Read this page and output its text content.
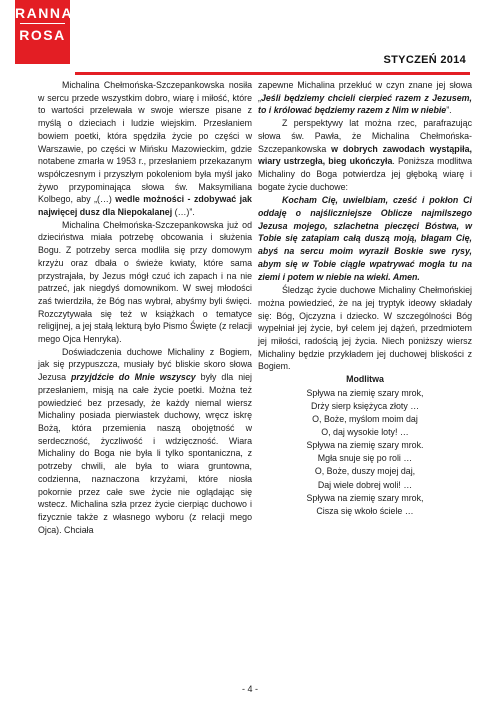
RANNA
ROSA
STYCZEŃ 2014

Michalina Chełmońska-Szczepankowska nosiła w sercu przede wszystkim dobro, wiarę i miłość, które to wartości przelewała w swoje wiersze pisane z myślą o dzieciach i ludzie wiejskim. Przesłaniem bowiem poetki, która spędziła życie po części w Warszawie, po części w Mińsku Mazowieckim, gdzie notabene zmarła w 1953 r., przesłaniem przekazanym współczesnym i przyszłym pokoleniom była myśl jako żywo przypominająca słowa św. Maksymiliana Kolbego, aby „(…) wedle możności - zdobywać jak najwięcej dusz dla Niepokalanej (…)”.

Michalina Chełmońska-Szczepankowska już od dzieciństwa miała potrzebę obcowania i służenia Bogu. Z potrzeby serca modliła się przy domowym krzyżu oraz dbała o świeże kwiaty, które sama przystrajała, by Jezus mógł czuć ich zapach i na nie patrzeć, jak niegdyś domownikom. W swej młodości zaś twierdziła, że Bóg nas wybrał, abyśmy byli święci. Rozczytywała się też w książkach o tematyce religijnej, a jej stałą lekturą było Pismo Święte (z relacji mego Ojca Henryka).

Doświadczenia duchowe Michaliny z Bogiem, jak się przypuszcza, musiały być bliskie skoro słowa Jezusa przyjdźcie do Mnie wszyscy były dla niej przesłaniem, misją na całe życie poetki. Można też powiedzieć bez przesady, że każdy niemal wiersz Michaliny posiada pierwiastek duchowy, wręcz iskrę Bożą, która przemienia naszą obojętność w serdeczność, życzliwość i wdzięczność. Wiara Michaliny do Boga nie była li tylko spontaniczna, z potrzeby chwili, ale była to wiara gruntowna, codzienna, naznaczona krzyżami, które niosła pokornie przez całe swe życie nie oglądając się wstecz. Michalina szła przez życie cierpiąc duchowo i fizycznie także z własnego wyboru (z relacji mego Ojca). Chciała

zapewne Michalina przekłuć w czyn znane jej słowa „Jeśli będziemy chcieli cierpieć razem z Jezusem, to i królować będziemy razem z Nim w niebie”.

Z perspektywy lat można rzec, parafrazując słowa św. Pawła, że Michalina Chełmońska-Szczepankowska w dobrych zawodach wystąpiła, wiary ustrzegła, bieg ukończyła. Poniższa modlitwa Michaliny do Boga potwierdza jej głęboką wiarę i bogate życie duchowe:

Kocham Cię, uwielbiam, cześć i pokłon Ci oddaję o najśliczniejsze Oblicze najmilszego Jezusa mojego, szlachetna pieczęci Bóstwa, w Tobie się zatapiam całą duszą moją, błagam Cię, abyś na sercu moim wyraził Boskie swe rysy, abym się w Tobie ciągle wpatrywać mogła tu na ziemi i potem w niebie na wieki. Amen.

Śledząc życie duchowe Michaliny Chełmońskiej można powiedzieć, że na jej tryptyk ideowy składały się: Bóg, Ojczyzna i dziecko. W szczególności Bóg wypełniał jej życie, był celem jej dążeń, przedmiotem jej miłości, radością jej życia. Niech poniższy wiersz Michaliny będzie przykładem jej duchowej bliskości z Bogiem.

Modlitwa

Spływa na ziemię szary mrok,

Drży sierp księżyca złoty …

O, Boże, myślom moim daj

O, daj wysokie loty! …

Spływa na ziemię szary mrok.

Mgła snuje się po roli …

O, Boże, duszy mojej daj,

Daj wiele dobrej woli! …

Spływa na ziemię szary mrok,

Cisza się wkoło ściele …

- 4 -
